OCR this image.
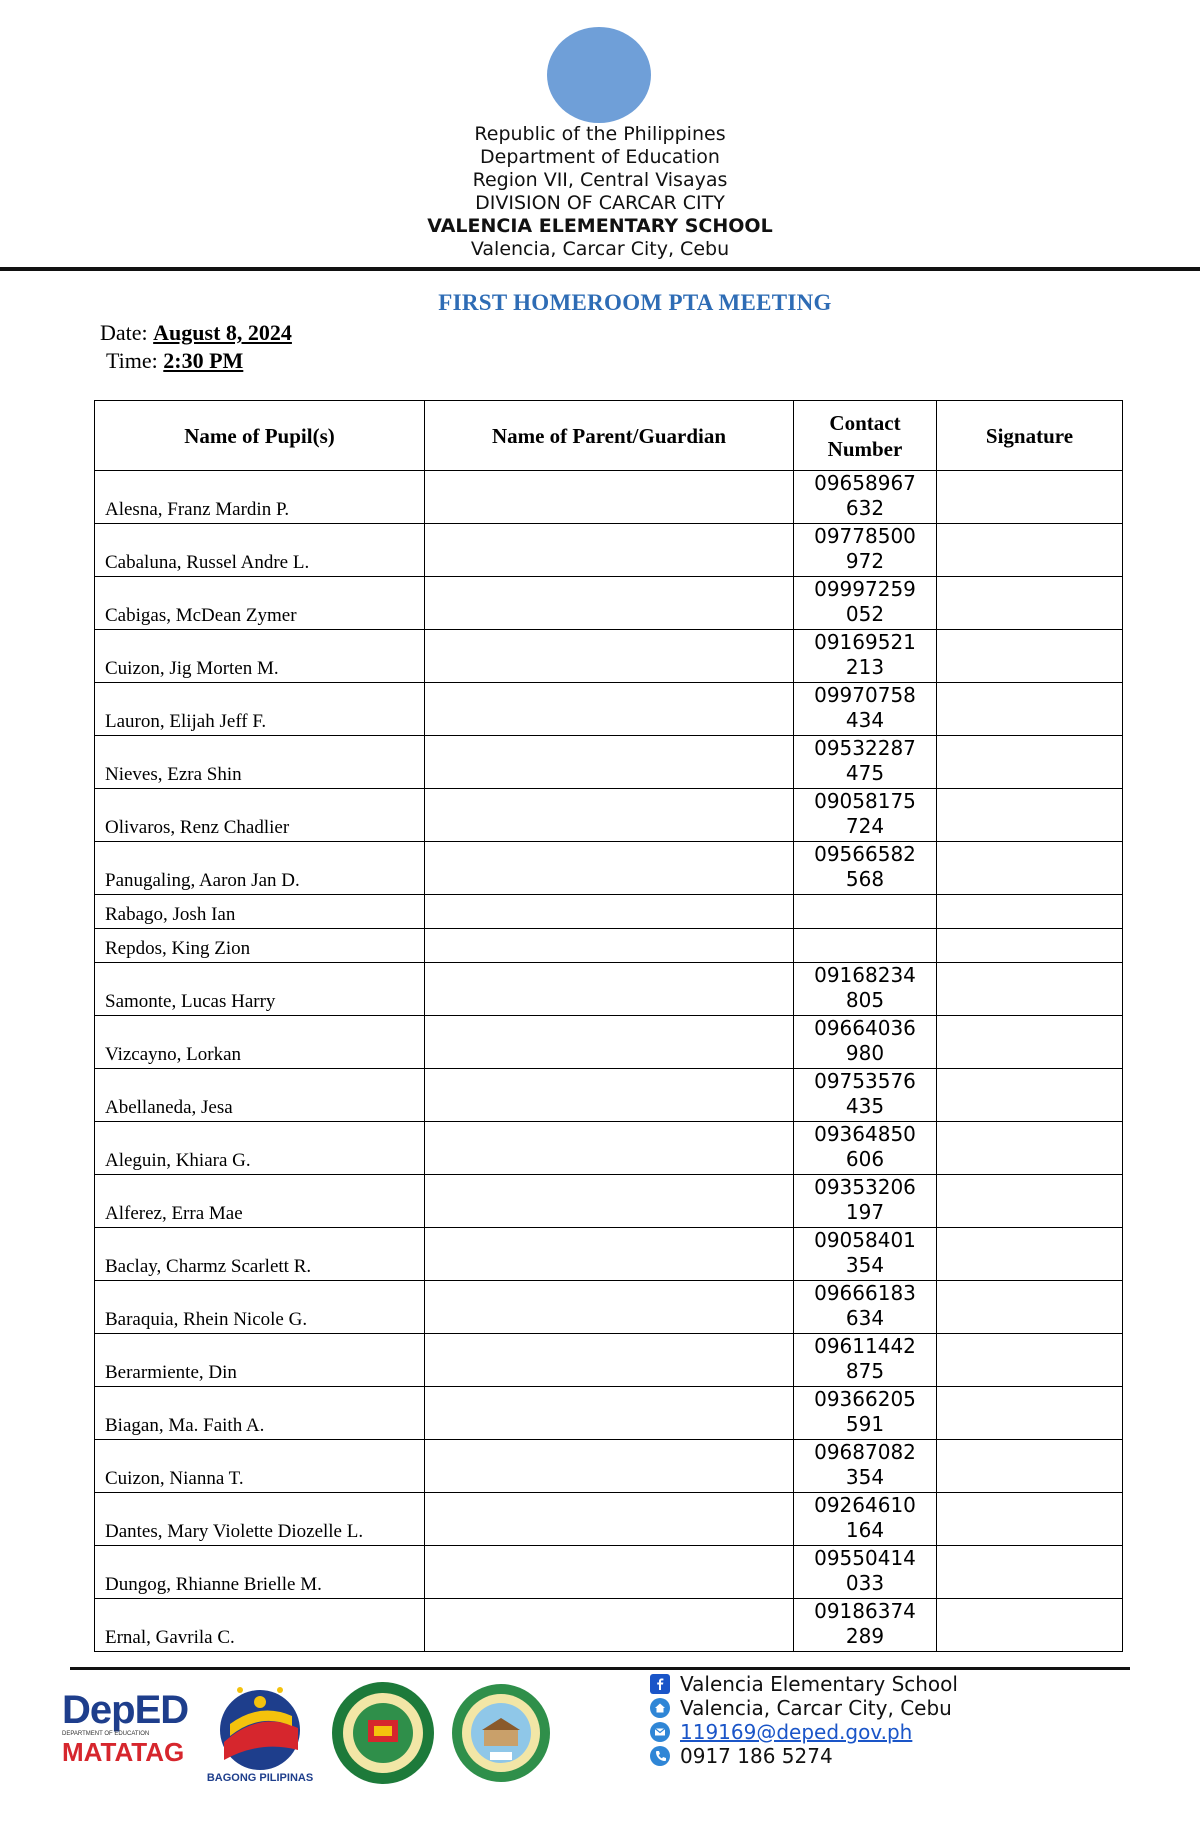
Republic of the Philippines
Department of Education
Region VII, Central Visayas
DIVISION OF CARCAR CITY
VALENCIA ELEMENTARY SCHOOL
Valencia, Carcar City, Cebu
FIRST HOMEROOM PTA MEETING
Date: August 8, 2024
Time: 2:30 PM
Name of Pupil(s)	Name of Parent/Guardian	Contact Number	Signature
Alesna, Franz Mardin P.		09658967
632	

Cabaluna, Russel Andre L.		09778500
972	

Cabigas, McDean Zymer		09997259
052	

Cuizon, Jig Morten M.		09169521
213	

Lauron, Elijah Jeff F.		09970758
434	

Nieves, Ezra Shin		09532287
475	

Olivaros, Renz Chadlier		09058175
724	

Panugaling, Aaron Jan D.		09566582
568	

Rabago, Josh Ian		

Repdos, King Zion		

Samonte, Lucas Harry		09168234
805	

Vizcayno, Lorkan		09664036
980	

Abellaneda, Jesa		09753576
435	

Aleguin, Khiara G.		09364850
606	

Alferez, Erra Mae		09353206
197	

Baclay, Charmz Scarlett R.		09058401
354	

Baraquia, Rhein Nicole G.		09666183
634	

Berarmiente, Din		09611442
875	

Biagan, Ma. Faith A.		09366205
591	

Cuizon, Nianna T.		09687082
354	

Dantes, Mary Violette Diozelle L.		09264610
164	

Dungog, Rhianne Brielle M.		09550414
033	

Ernal, Gavrila C.		09186374
289	

DepED
DEPARTMENT OF EDUCATION
MATATAG
BAGONG PILIPINAS
Valencia Elementary School
Valencia, Carcar City, Cebu
119169@deped.gov.ph
0917 186 5274
